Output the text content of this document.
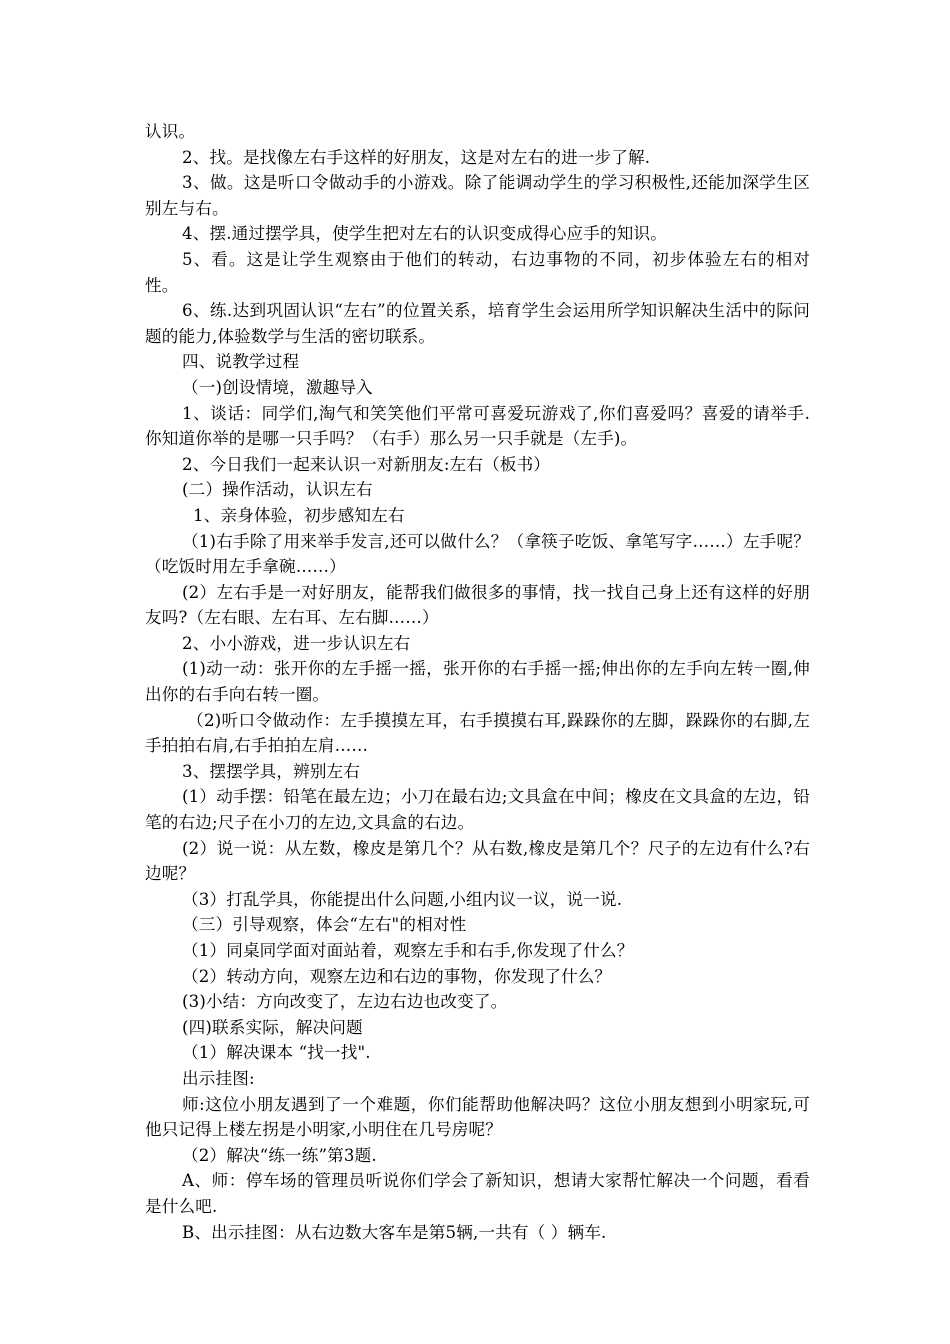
认识。

2、找。是找像左右手这样的好朋友，这是对左右的进一步了解.

3、做。这是听口令做动手的小游戏。除了能调动学生的学习积极性,还能加深学生区别左与右。

4、摆.通过摆学具，使学生把对左右的认识变成得心应手的知识。

5、看。这是让学生观察由于他们的转动，右边事物的不同，初步体验左右的相对性。

6、练.达到巩固认识“左右”的位置关系，培育学生会运用所学知识解决生活中的际问题的能力,体验数学与生活的密切联系。

四、说教学过程

（一)创设情境，激趣导入

1、谈话：同学们,淘气和笑笑他们平常可喜爱玩游戏了,你们喜爱吗？喜爱的请举手.你知道你举的是哪一只手吗？（右手）那么另一只手就是（左手)。

2、今日我们一起来认识一对新朋友:左右（板书）

(二）操作活动，认识左右

1、亲身体验，初步感知左右

（1)右手除了用来举手发言,还可以做什么？（拿筷子吃饭、拿笔写字……）左手呢？（吃饭时用左手拿碗……）

(2）左右手是一对好朋友，能帮我们做很多的事情，找一找自己身上还有这样的好朋友吗?（左右眼、左右耳、左右脚……）

2、小小游戏，进一步认识左右

(1)动一动：张开你的左手摇一摇，张开你的右手摇一摇;伸出你的左手向左转一圈,伸出你的右手向右转一圈。

（2)听口令做动作：左手摸摸左耳，右手摸摸右耳,跺跺你的左脚，跺跺你的右脚,左手拍拍右肩,右手拍拍左肩……

3、摆摆学具，辨别左右

(1）动手摆：铅笔在最左边；小刀在最右边;文具盒在中间；橡皮在文具盒的左边，铅笔的右边;尺子在小刀的左边,文具盒的右边。

(2）说一说：从左数，橡皮是第几个？从右数,橡皮是第几个？尺子的左边有什么?右边呢？

（3）打乱学具，你能提出什么问题,小组内议一议，说一说.

（三）引导观察，体会“左右"的相对性

（1）同桌同学面对面站着，观察左手和右手,你发现了什么？

（2）转动方向，观察左边和右边的事物，你发现了什么？

(3)小结：方向改变了，左边右边也改变了。

(四)联系实际，解决问题

（1）解决课本 “找一找".

出示挂图:

师:这位小朋友遇到了一个难题，你们能帮助他解决吗？这位小朋友想到小明家玩,可他只记得上楼左拐是小明家,小明住在几号房呢？

（2）解决“练一练”第3题.

A、师：停车场的管理员听说你们学会了新知识，想请大家帮忙解决一个问题，看看是什么吧.

B、出示挂图：从右边数大客车是第5辆,一共有（ ）辆车.
